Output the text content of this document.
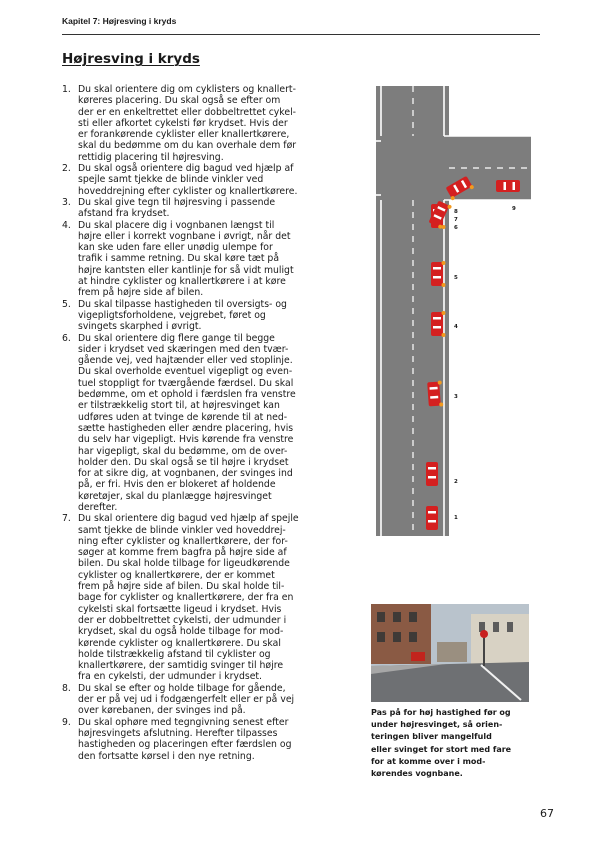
Kapitel 7: Højresving i kryds
Højresving i kryds
1. Du skal orientere dig om cyklisters og knallert-
køreres placering. Du skal også se efter om
der er en enkeltrettet eller dobbeltrettet cykel-
sti eller afkortet cykelsti før krydset. Hvis der
er forankørende cyklister eller knallertkørere,
skal du bedømme om du kan overhale dem før
rettidig placering til højresving.
2. Du skal også orientere dig bagud ved hjælp af
spejle samt tjekke de blinde vinkler ved
hoveddrejning efter cyklister og knallertkørere.
3. Du skal give tegn til højresving i passende
afstand fra krydset.
4. Du skal placere dig i vognbanen længst til
højre eller i korrekt vognbane i øvrigt, når det
kan ske uden fare eller unødig ulempe for
trafik i samme retning. Du skal køre tæt på
højre kantsten eller kantlinje for så vidt muligt
at hindre cyklister og knallertkørere i at køre
frem på højre side af bilen.
5. Du skal tilpasse hastigheden til oversigts- og
vigepligtsforholdene, vejgrebet, føret og
svingets skarphed i øvrigt.
6. Du skal orientere dig flere gange til begge
sider i krydset ved skæringen med den tvær-
gående vej, ved hajtænder eller ved stoplinje.
Du skal overholde eventuel vigepligt og even-
tuel stoppligt for tværgående færdsel. Du skal
bedømme, om et ophold i færdslen fra venstre
er tilstrækkelig stort til, at højresvinget kan
udføres uden at tvinge de kørende til at ned-
sætte hastigheden eller ændre placering, hvis
du selv har vigepligt. Hvis kørende fra venstre
har vigepligt, skal du bedømme, om de over-
holder den. Du skal også se til højre i krydset
for at sikre dig, at vognbanen, der svinges ind
på, er fri. Hvis den er blokeret af holdende
køretøjer, skal du planlægge højresvinget
derefter.
7. Du skal orientere dig bagud ved hjælp af spejle
samt tjekke de blinde vinkler ved hoveddrej-
ning efter cyklister og knallertkørere, der for-
søger at komme frem bagfra på højre side af
bilen. Du skal holde tilbage for ligeudkørende
cyklister og knallertkørere, der er kommet
frem på højre side af bilen. Du skal holde til-
bage for cyklister og knallertkørere, der fra en
cykelsti skal fortsætte ligeud i krydset. Hvis
der er dobbeltrettet cykelsti, der udmunder i
krydset, skal du også holde tilbage for mod-
kørende cyklister og knallertkørere. Du skal
holde tilstrækkelig afstand til cyklister og
knallertkørere, der samtidig svinger til højre
fra en cykelsti, der udmunder i krydset.
8. Du skal se efter og holde tilbage for gående,
der er på vej ud i fodgængerfelt eller er på vej
over kørebanen, der svinges ind på.
9. Du skal ophøre med tegngivning senest efter
højresvingets afslutning. Herefter tilpasses
hastigheden og placeringen efter færdslen og
den fortsatte kørsel i den nye retning.
1
2
3
4
5
6
7
8	9

Pas på for høj hastighed før og
under højresvinget, så orien-
teringen bliver mangelfuld
eller svinget for stort med fare
for at komme over i mod-
kørendes vognbane.

67
